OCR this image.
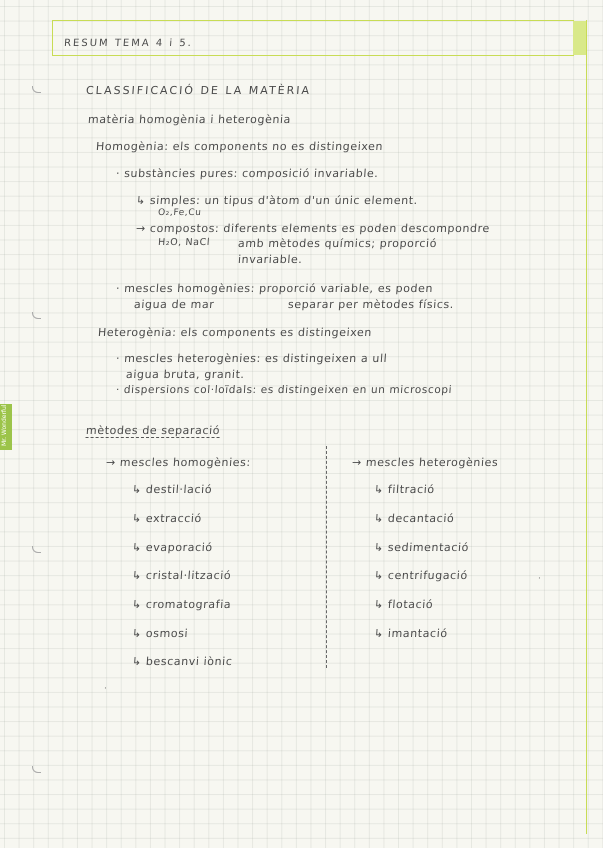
Mr. Wonderful
RESUM TEMA 4 i 5.
CLASSIFICACIÓ DE LA MATÈRIA
matèria homogènia i heterogènia
Homogènia: els components no es distingeixen
· substàncies pures: composició invariable.
↳ simples: un tipus d'àtom d'un únic element.
O₂,Fe,Cu
→ compostos: diferents elements es poden descompondre
H₂O, NaCl amb mètodes químics; proporció
invariable.
· mescles homogènies: proporció variable, es poden
aigua de mar	separar per mètodes físics.
Heterogènia: els components es distingeixen
· mescles heterogènies: es distingeixen a ull
aigua bruta, granit.
· dispersions col·loïdals: es distingeixen en un microscopi
mètodes de separació
→ mescles homogènies:
↳ destil·lació
↳ extracció
↳ evaporació
↳ cristal·lització
↳ cromatografia
↳ osmosi
↳ bescanvi iònic
→ mescles heterogènies
↳ filtració
↳ decantació
↳ sedimentació
↳ centrifugació
↳ flotació
↳ imantació
·
·
